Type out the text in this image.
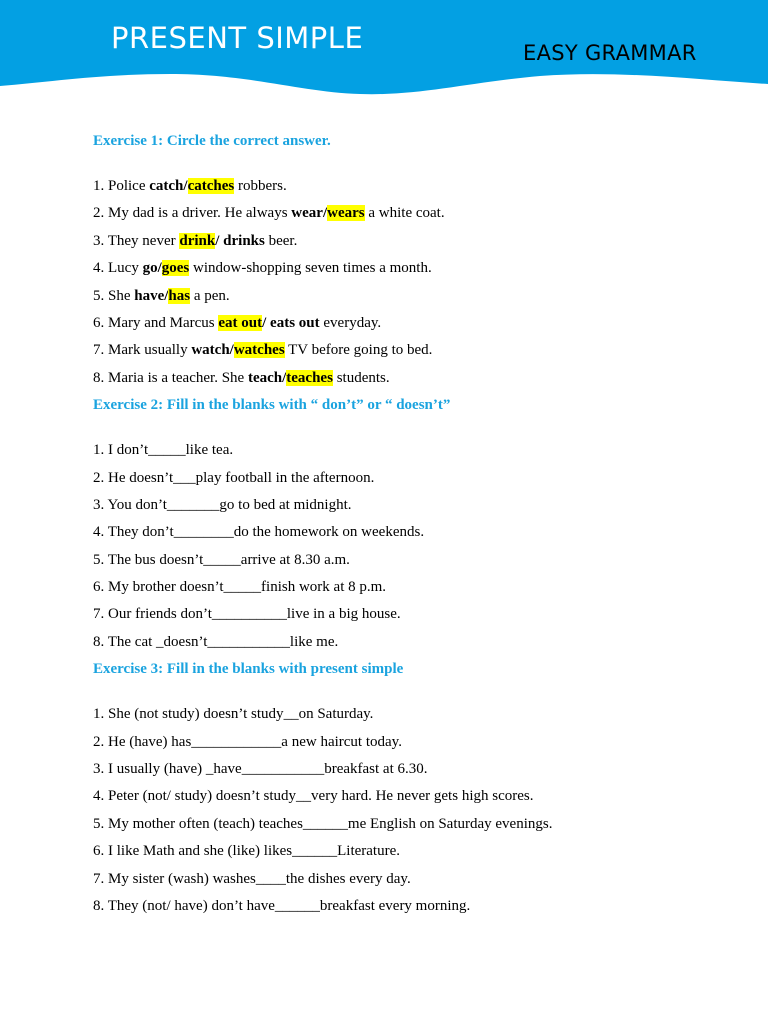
PRESENT SIMPLE	EASY GRAMMAR
Exercise 1: Circle the correct answer.
1. Police catch/catches robbers.
2. My dad is a driver. He always wear/wears a white coat.
3. They never drink/ drinks beer.
4. Lucy go/goes window-shopping seven times a month.
5. She have/has a pen.
6. Mary and Marcus eat out/ eats out everyday.
7. Mark usually watch/watches TV before going to bed.
8. Maria is a teacher. She teach/teaches students.
Exercise 2: Fill in the blanks with “ don’t” or “ doesn’t”
1. I don’t_____like tea.
2. He doesn’t___play football in the afternoon.
3. You don’t_______go to bed at midnight.
4. They don’t________do the homework on weekends.
5. The bus doesn’t_____arrive at 8.30 a.m.
6. My brother doesn’t_____finish work at 8 p.m.
7. Our friends don’t__________live in a big house.
8. The cat _doesn’t___________like me.
Exercise 3: Fill in the blanks with present simple
1. She (not study) doesn’t study__on Saturday.
2. He (have) has____________a new haircut today.
3. I usually (have) _have___________breakfast at 6.30.
4. Peter (not/ study) doesn’t study__very hard. He never gets high scores.
5. My mother often (teach) teaches______me English on Saturday evenings.
6. I like Math and she (like) likes______Literature.
7. My sister (wash) washes____the dishes every day.
8. They (not/ have) don’t have______breakfast every morning.
